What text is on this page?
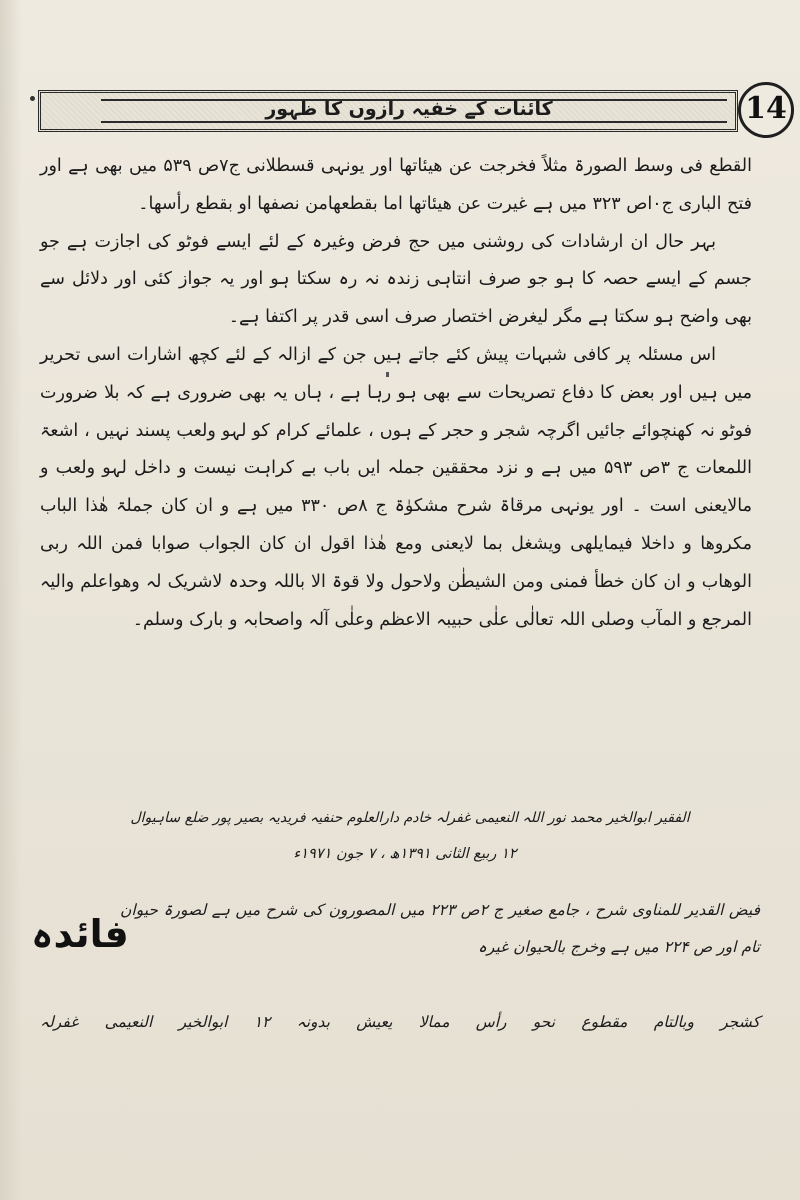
کائنات کے خفیہ رازوں کا ظہور	14

القطع فی وسط الصورۃ مثلاً فخرجت عن ھیئاتھا اور یونہی قسطلانی ج۷ص ۵۳۹ میں بھی ہے اور فتح الباری ج۰اص ۳۲۳ میں ہے غیرت عن ھیئاتھا اما بقطعھامن نصفھا او بقطع رأسھا۔

بہر حال ان ارشادات کی روشنی میں حج فرض وغیرہ کے لئے ایسے فوٹو کی اجازت ہے جو جسم کے ایسے حصہ کا ہو جو صرف انتاہی زندہ نہ رہ سکتا ہو اور یہ جواز کئی اور دلائل سے بھی واضح ہو سکتا ہے مگر لیغرض اختصار صرف اسی قدر پر اکتفا ہے۔

اس مسئلہ پر کافی شبہات پیش کئے جاتے ہیں جن کے ازالہ کے لئے کچھ اشارات اسی تحریر میں ہیں اور بعض کا دفاع تصریحات سے بھی ہو رہا ہے ، ہاں یہ بھی ضروری ہے کہ بلا ضرورت فوٹو نہ کھنچوائے جائیں اگرچہ شجر و حجر کے ہوں ، علمائے کرام کو لہو ولعب پسند نہیں ، اشعۃ اللمعات ج ۳ص ۵۹۳ میں ہے و نزد محققین جملہ ایں باب بے کراہت نیست و داخل لہو ولعب و مالایعنی است ۔ اور یونہی مرقاۃ شرح مشکوٰۃ ج ۸ص ۳۳۰ میں ہے و ان کان جملۃ ھٰذا الباب مکروھا و داخلا فیمایلھی ویشغل بما لایعنی ومع ھٰذا اقول ان کان الجواب صوابا فمن اللہ ربی الوھاب و ان کان خطأ فمنی ومن الشیطٰن ولاحول ولا قوۃ الا باللہ وحدہ لاشریک لہ وھواعلم والیہ المرجع و المآب وصلی اللہ تعالٰی علٰی حبیبہ الاعظم وعلٰی آلہ واصحابہ و بارک وسلم۔

الفقیر ابوالخیر محمد نور اللہ النعیمی غفرلہ خادم دارالعلوم حنفیہ فریدیہ بصیر پور ضلع ساہیوال
۱۲ ربیع الثانی ۱۳۹۱ھ ، ۷ جون ۱۹۷۱ء
فائدہ
فیض القدیر للمناوی شرح ، جامع صغیر ج ۲ص ۲۲۳ میں المصورون کی شرح میں ہے لصورۃ حیوان تام اور ص ۲۲۴ میں ہے وخرج بالحیوان غیرہ
کشجر وبالتام مقطوع نحو رأس ممالا یعیش بدونہ ۱۲ ابوالخیر النعیمی غفرلہ
